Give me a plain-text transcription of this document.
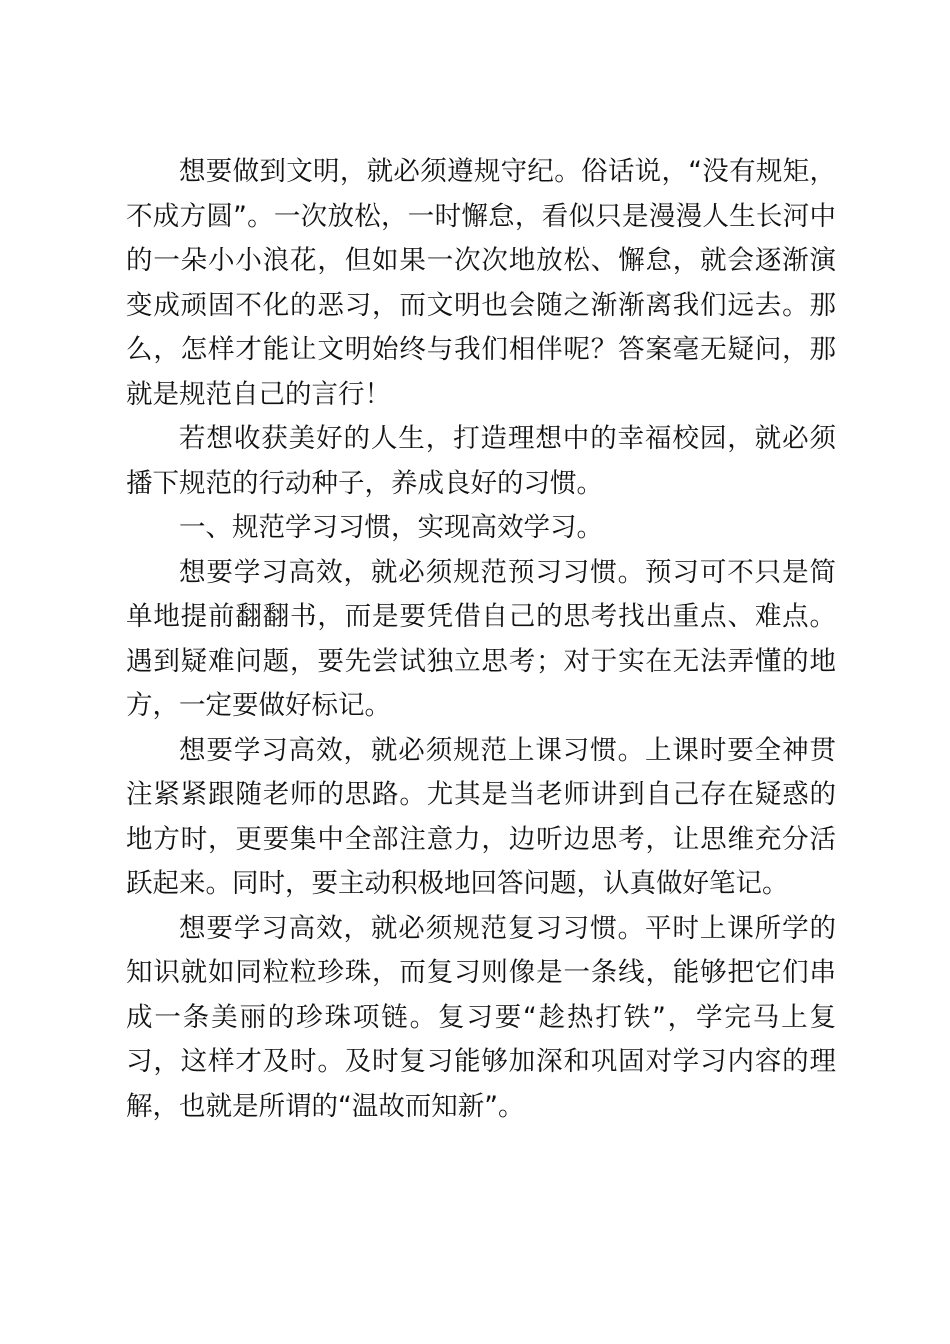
想要做到文明，就必须遵规守纪。俗话说，“没有规矩，不成方圆”。一次放松，一时懈怠，看似只是漫漫人生长河中的一朵小小浪花，但如果一次次地放松、懈怠，就会逐渐演变成顽固不化的恶习，而文明也会随之渐渐离我们远去。那么，怎样才能让文明始终与我们相伴呢？答案毫无疑问，那就是规范自己的言行！

若想收获美好的人生，打造理想中的幸福校园，就必须播下规范的行动种子，养成良好的习惯。

一、规范学习习惯，实现高效学习。

想要学习高效，就必须规范预习习惯。预习可不只是简单地提前翻翻书，而是要凭借自己的思考找出重点、难点。遇到疑难问题，要先尝试独立思考；对于实在无法弄懂的地方，一定要做好标记。

想要学习高效，就必须规范上课习惯。上课时要全神贯注紧紧跟随老师的思路。尤其是当老师讲到自己存在疑惑的地方时，更要集中全部注意力，边听边思考，让思维充分活跃起来。同时，要主动积极地回答问题，认真做好笔记。

想要学习高效，就必须规范复习习惯。平时上课所学的知识就如同粒粒珍珠，而复习则像是一条线，能够把它们串成一条美丽的珍珠项链。复习要“趁热打铁”，学完马上复习，这样才及时。及时复习能够加深和巩固对学习内容的理解，也就是所谓的“温故而知新”。
